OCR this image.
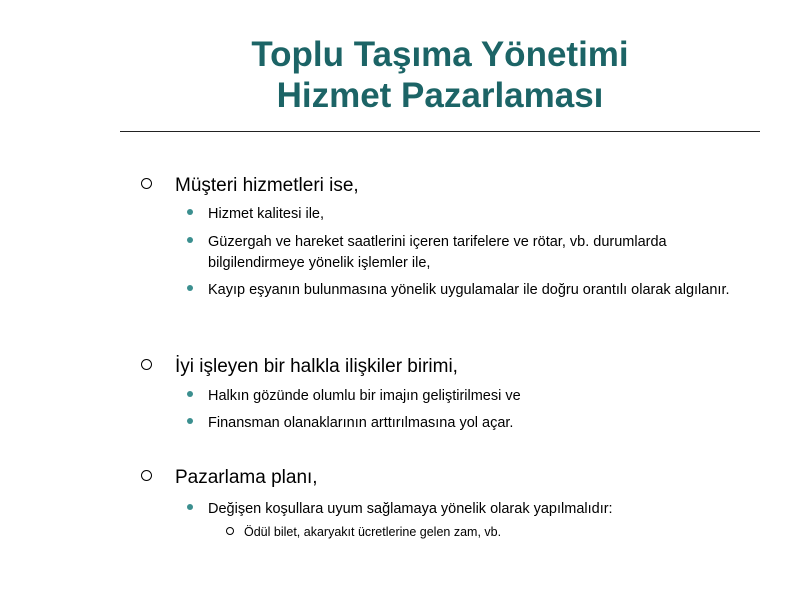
Toplu Taşıma Yönetimi
Hizmet Pazarlaması
Müşteri hizmetleri ise,
Hizmet kalitesi ile,
Güzergah ve hareket saatlerini içeren tarifelere ve rötar, vb. durumlarda bilgilendirmeye yönelik işlemler ile,
Kayıp eşyanın bulunmasına yönelik uygulamalar ile doğru orantılı olarak algılanır.
İyi işleyen bir halkla ilişkiler birimi,
Halkın gözünde olumlu bir imajın geliştirilmesi ve
Finansman olanaklarının arttırılmasına yol açar.
Pazarlama planı,
Değişen koşullara uyum sağlamaya yönelik olarak yapılmalıdır:
Ödül bilet, akaryakıt ücretlerine gelen zam, vb.
